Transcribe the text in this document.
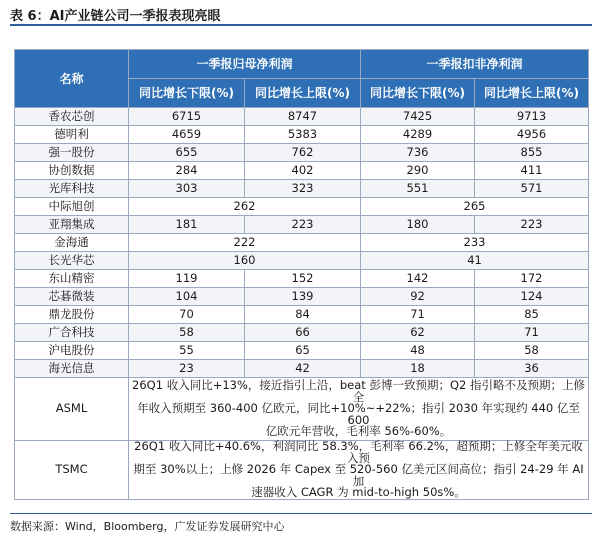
表 6：AI产业链公司一季报表现亮眼
名称	一季报归母净利润		一季报扣非净利润	
	同比增长下限(%)	同比增长上限(%)	同比增长下限(%)	同比增长上限(%)
香农芯创	6715	8747	7425	9713
德明利	4659	5383	4289	4956
强一股份	655	762	736	855
协创数据	284	402	290	411
光库科技	303	323	551	571
中际旭创	262		265	
亚翔集成	181	223	180	223
金海通	222		233	
长光华芯	160		41	
东山精密	119	152	142	172
芯碁微装	104	139	92	124
鼎龙股份	70	84	71	85
广合科技	58	66	62	71
沪电股份	55	65	48	58
海光信息	23	42	18	36
ASML	26Q1 收入同比+13%，接近指引上沿，beat 彭博一致预期；Q2 指引略不及预期；上修全
年收入预期至 360-400 亿欧元，同比+10%~+22%；指引 2030 年实现约 440 亿至 600
亿欧元年营收，毛利率 56%-60%。			

TSMC	26Q1 收入同比+40.6%，利润同比 58.3%，毛利率 66.2%，超预期；上修全年美元收入预
期至 30%以上；上修 2026 年 Capex 至 520-560 亿美元区间高位；指引 24-29 年 AI 加
速器收入 CAGR 为 mid-to-high 50s%。			
数据来源：Wind，Bloomberg，广发证券发展研究中心
